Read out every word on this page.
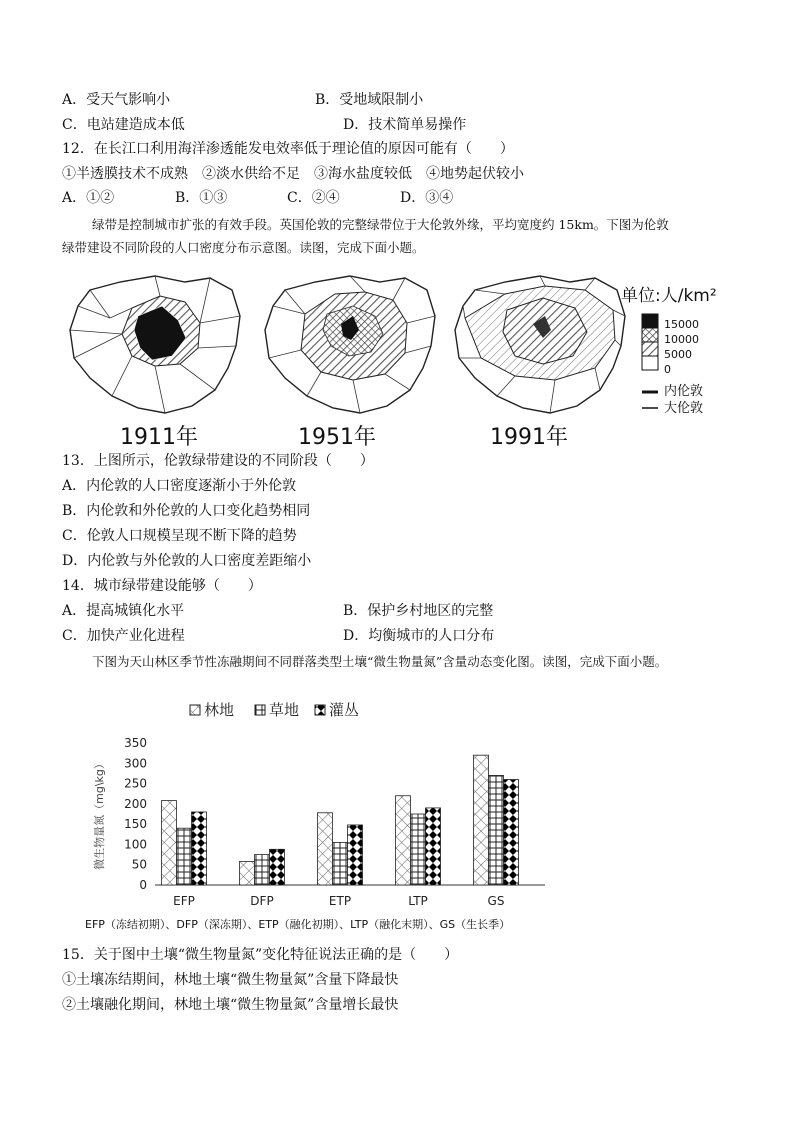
A．受天气影响小	B．受地域限制小
C．电站建造成本低	D．技术简单易操作
12．在长江口利用海洋渗透能发电效率低于理论值的原因可能有（　　）
①半透膜技术不成熟　②淡水供给不足　③海水盐度较低　④地势起伏较小
A．①②	B．①③	C．②④	D．③④
绿带是控制城市扩张的有效手段。英国伦敦的完整绿带位于大伦敦外缘，平均宽度约 15km。下图为伦敦
绿带建设不同阶段的人口密度分布示意图。读图，完成下面小题。
1911年	1951年	1991年
单位:人/km²
15000
10000
5000
0
内伦敦
大伦敦
13．上图所示，伦敦绿带建设的不同阶段（　　）
A．内伦敦的人口密度逐渐小于外伦敦
B．内伦敦和外伦敦的人口变化趋势相同
C．伦敦人口规模呈现不断下降的趋势
D．内伦敦与外伦敦的人口密度差距缩小
14．城市绿带建设能够（　　）
A．提高城镇化水平	B．保护乡村地区的完整
C．加快产业化进程	D．均衡城市的人口分布
下图为天山林区季节性冻融期间不同群落类型土壤“微生物量氮”含量动态变化图。读图，完成下面小题。
林地 草地 灌丛
微生物量氮（mg\kg）
0
50
100
150
200
250
300
350
EFP	DFP	ETP	LTP	GS
EFP（冻结初期）、DFP（深冻期）、ETP（融化初期）、LTP（融化末期）、GS（生长季）
15．关于图中土壤“微生物量氮”变化特征说法正确的是（　　）
①土壤冻结期间，林地土壤“微生物量氮”含量下降最快
②土壤融化期间，林地土壤“微生物量氮”含量增长最快
